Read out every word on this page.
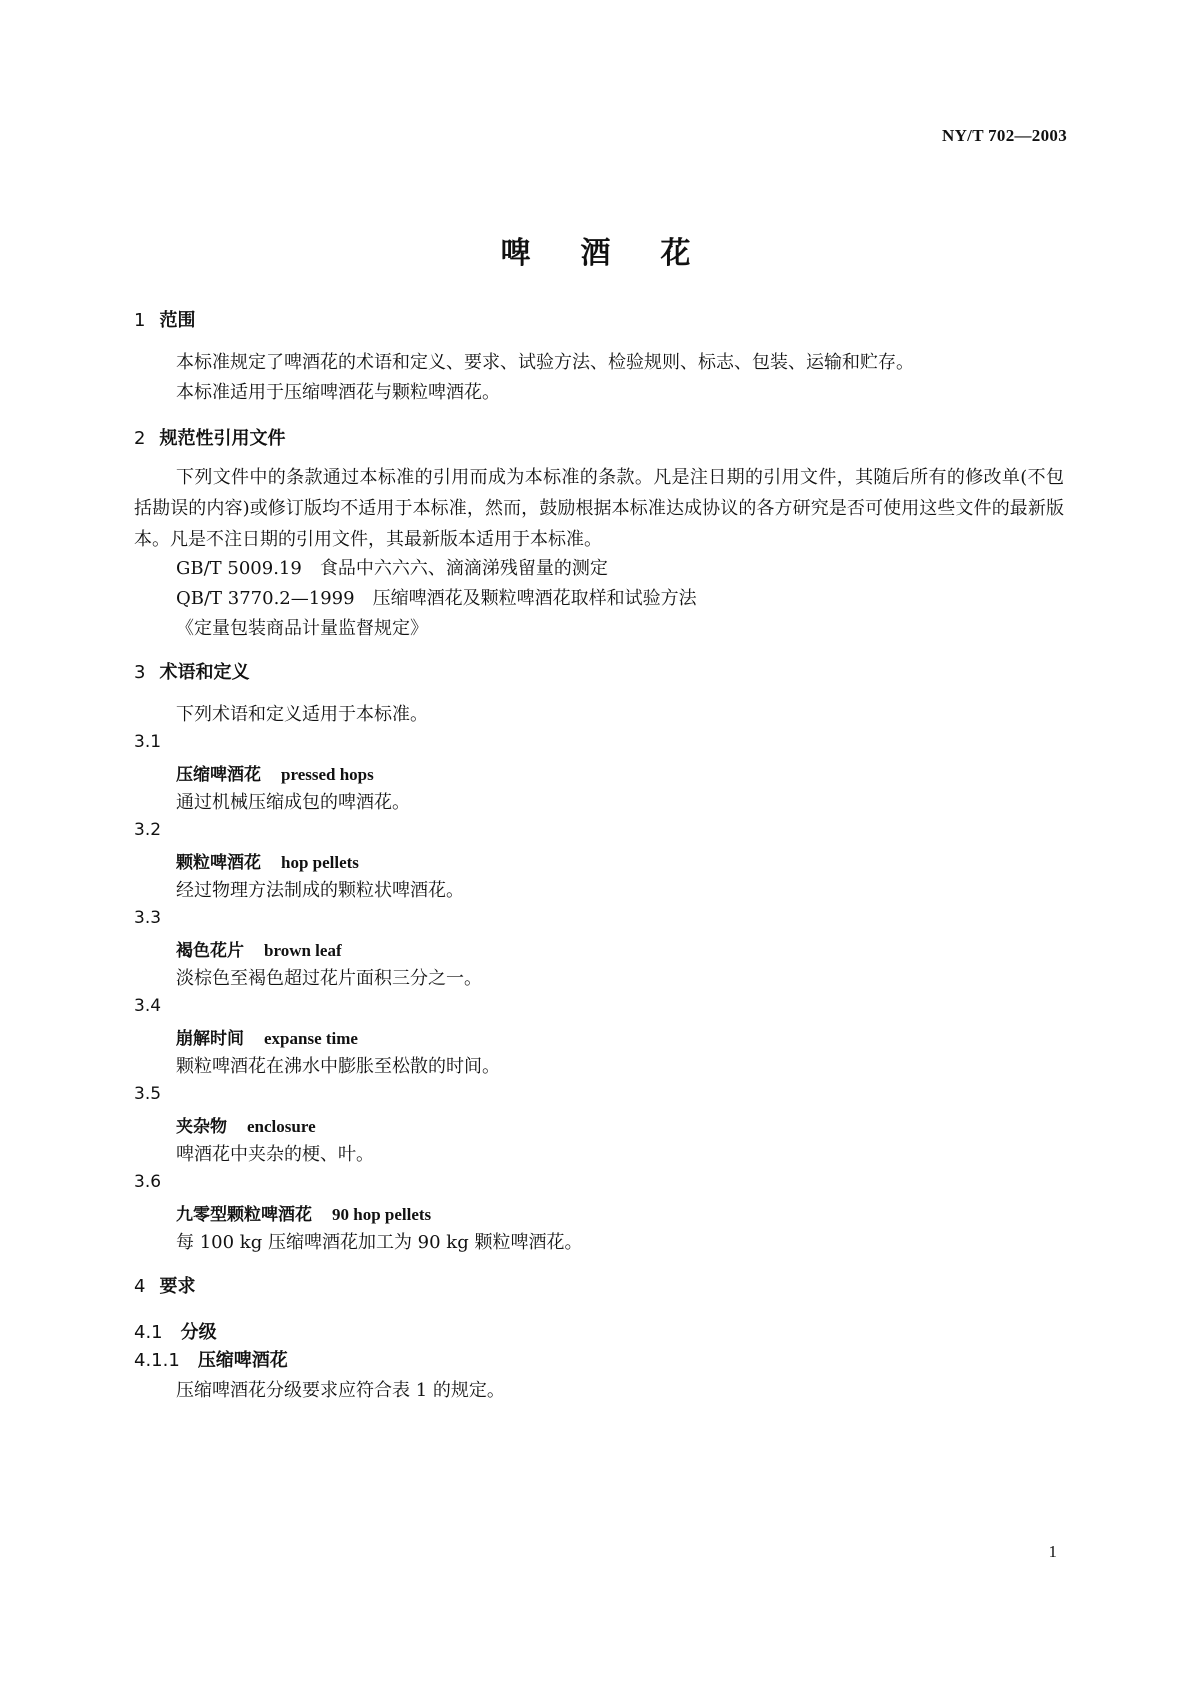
NY/T 702—2003
啤酒花
1 范围
本标准规定了啤酒花的术语和定义、要求、试验方法、检验规则、标志、包装、运输和贮存。
本标准适用于压缩啤酒花与颗粒啤酒花。
2 规范性引用文件
下列文件中的条款通过本标准的引用而成为本标准的条款。凡是注日期的引用文件，其随后所有的修改单(不包括勘误的内容)或修订版均不适用于本标准，然而，鼓励根据本标准达成协议的各方研究是否可使用这些文件的最新版本。凡是不注日期的引用文件，其最新版本适用于本标准。
GB/T 5009.19　食品中六六六、滴滴涕残留量的测定
QB/T 3770.2—1999　压缩啤酒花及颗粒啤酒花取样和试验方法
《定量包装商品计量监督规定》
3 术语和定义
下列术语和定义适用于本标准。
3.1
压缩啤酒花 pressed hops
通过机械压缩成包的啤酒花。
3.2
颗粒啤酒花 hop pellets
经过物理方法制成的颗粒状啤酒花。
3.3
褐色花片 brown leaf
淡棕色至褐色超过花片面积三分之一。
3.4
崩解时间 expanse time
颗粒啤酒花在沸水中膨胀至松散的时间。
3.5
夹杂物 enclosure
啤酒花中夹杂的梗、叶。
3.6
九零型颗粒啤酒花 90 hop pellets
每 100 kg 压缩啤酒花加工为 90 kg 颗粒啤酒花。
4 要求
4.1 分级
4.1.1 压缩啤酒花
压缩啤酒花分级要求应符合表 1 的规定。
1
